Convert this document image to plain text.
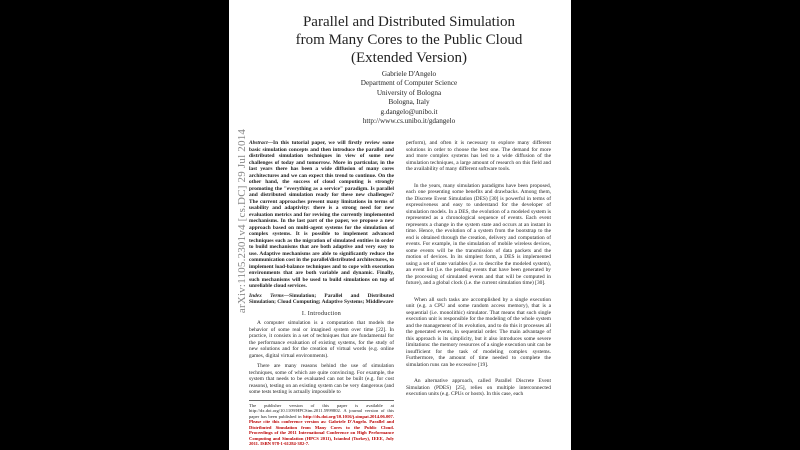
arXiv:1105.2301v4 [cs.DC] 29 Jul 2014
Parallel and Distributed Simulation
from Many Cores to the Public Cloud
(Extended Version)
Gabriele D'Angelo
Department of Computer Science
University of Bologna
Bologna, Italy
g.dangelo@unibo.it
http://www.cs.unibo.it/gdangelo
Abstract—In this tutorial paper, we will firstly review some basic simulation concepts and then introduce the parallel and distributed simulation techniques in view of some new challenges of today and tomorrow. More in particular, in the last years there has been a wide diffusion of many cores architectures and we can expect this trend to continue. On the other hand, the success of cloud computing is strongly promoting the "everything as a service" paradigm. Is parallel and distributed simulation ready for these new challenges? The current approaches present many limitations in terms of usability and adaptivity: there is a strong need for new evaluation metrics and for revising the currently implemented mechanisms. In the last part of the paper, we propose a new approach based on multi-agent systems for the simulation of complex systems. It is possible to implement advanced techniques such as the migration of simulated entities in order to build mechanisms that are both adaptive and very easy to use. Adaptive mechanisms are able to significantly reduce the communication cost in the parallel/distributed architectures, to implement load-balance techniques and to cope with execution environments that are both variable and dynamic. Finally, such mechanisms will be used to build simulations on top of unreliable cloud services.
Index Terms—Simulation; Parallel and Distributed Simulation; Cloud Computing; Adaptive Systems; Middleware
I. Introduction

A computer simulation is a computation that models the behavior of some real or imagined system over time [22]. In practice, it consists in a set of techniques that are fundamental for the performance evaluation of existing systems, for the study of new solutions and for the creation of virtual words (e.g. online games, digital virtual environments).

There are many reasons behind the use of simulation techniques, some of which are quite convincing. For example, the system that needs to be evaluated can not be built (e.g. for cost reasons), testing on an existing system can be very dangerous (and some tests testing is actually impossible to

The publisher version of this paper is available at http://dx.doi.org/10.1109/HPCSim.2011.5999802. A journal version of this paper has been published in http://dx.doi.org/10.1016/j.simpat.2014.06.007. Please cite this conference version as: Gabriele D'Angelo. Parallel and Distributed Simulation from Many Cores to the Public Cloud. Proceedings of the 2011 International Conference on High Performance Computing and Simulation (HPCS 2011), Istanbul (Turkey), IEEE, July 2011. ISBN 978-1-61284-382-7.

perform), and often it is necessary to explore many different solutions in order to choose the best one. The demand for more and more complex systems has led to a wide diffusion of the simulation techniques, a large amount of research on this field and the availability of many different software tools.

In the years, many simulation paradigms have been proposed, each one presenting some benefits and drawbacks. Among them, the Discrete Event Simulation (DES) [30] is powerful in terms of expressiveness and easy to understand for the developer of simulation models. In a DES, the evolution of a modeled system is represented as a chronological sequence of events. Each event represents a change in the system state and occurs at an instant in time. Hence, the evolution of a system from the bootstrap to the end is obtained through the creation, delivery and computation of events. For example, in the simulation of mobile wireless devices, some events will be the transmission of data packets and the motion of devices. In its simplest form, a DES is implemented using a set of state variables (i.e. to describe the modeled system), an event list (i.e. the pending events that have been generated by the processing of simulated events and that will be computed in future), and a global clock (i.e. the current simulation time) [30].

When all such tasks are accomplished by a single execution unit (e.g. a CPU and some random access memory), that is a sequential (i.e. monolithic) simulator. That means that such single execution unit is responsible for the modeling of the whole system and the management of its evolution, and to do this it processes all the generated events, in sequential order. The main advantage of this approach is its simplicity, but it also introduces some severe limitations: the memory resources of a single execution unit can be insufficient for the task of modeling complex systems. Furthermore, the amount of time needed to complete the simulation runs can be excessive [19].

An alternative approach, called Parallel Discrete Event Simulation (PDES) [25], relies on multiple interconnected execution units (e.g. CPUs or hosts). In this case, each
